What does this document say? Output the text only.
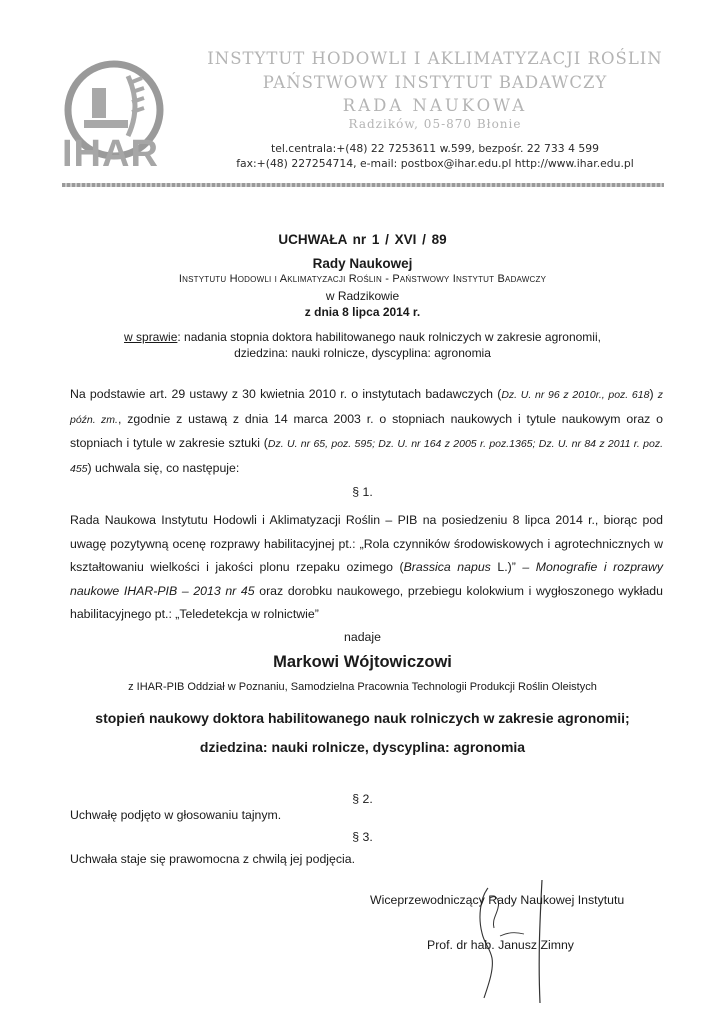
IHAR
INSTYTUT HODOWLI I AKLIMATYZACJI ROŚLIN
PAŃSTWOWY INSTYTUT BADAWCZY
RADA NAUKOWA
Radzików, 05-870 Błonie
tel.centrala:+(48) 22 7253611 w.599, bezpośr. 22 733 4 599
fax:+(48) 227254714, e-mail: postbox@ihar.edu.pl http://www.ihar.edu.pl
UCHWAŁA nr 1 / XVI / 89
Rady Naukowej
Instytutu Hodowli i Aklimatyzacji Roślin - Państwowy Instytut Badawczy
w Radzikowie
z dnia 8 lipca 2014 r.
w sprawie: nadania stopnia doktora habilitowanego nauk rolniczych w zakresie agronomii,
dziedzina: nauki rolnicze, dyscyplina: agronomia
Na podstawie art. 29 ustawy z 30 kwietnia 2010 r. o instytutach badawczych (Dz. U. nr 96 z 2010r., poz. 618) z późn. zm., zgodnie z ustawą z dnia 14 marca 2003 r. o stopniach naukowych i tytule naukowym oraz o stopniach i tytule w zakresie sztuki (Dz. U. nr 65, poz. 595; Dz. U. nr 164 z 2005 r. poz.1365; Dz. U. nr 84 z 2011 r. poz. 455) uchwala się, co następuje:
§ 1.
Rada Naukowa Instytutu Hodowli i Aklimatyzacji Roślin – PIB na posiedzeniu 8 lipca 2014 r., biorąc pod uwagę pozytywną ocenę rozprawy habilitacyjnej pt.: „Rola czynników środowiskowych i agrotechnicznych w kształtowaniu wielkości i jakości plonu rzepaku ozimego (Brassica napus L.)” – Monografie i rozprawy naukowe IHAR-PIB – 2013 nr 45 oraz dorobku naukowego, przebiegu kolokwium i wygłoszonego wykładu habilitacyjnego pt.: „Teledetekcja w rolnictwie”
nadaje
Markowi Wójtowiczowi
z IHAR-PIB Oddział w Poznaniu, Samodzielna Pracownia Technologii Produkcji Roślin Oleistych
stopień naukowy doktora habilitowanego nauk rolniczych w zakresie agronomii;
dziedzina: nauki rolnicze, dyscyplina: agronomia
§ 2.
Uchwałę podjęto w głosowaniu tajnym.
§ 3.
Uchwała staje się prawomocna z chwilą jej podjęcia.
Wiceprzewodniczący Rady Naukowej Instytutu
Prof. dr hab. Janusz Zimny
